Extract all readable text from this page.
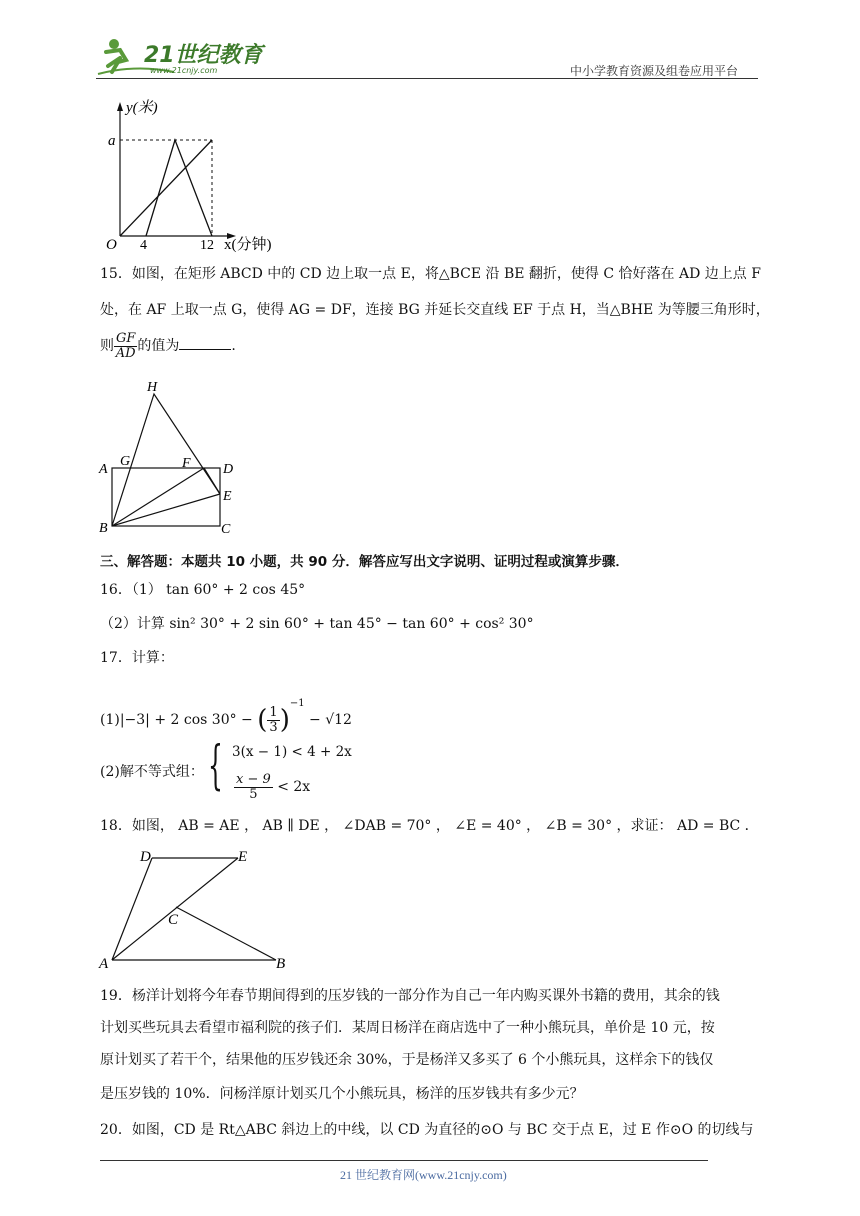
21世纪教育
www.21cnjy.com	中小学教育资源及组卷应用平台
y(米)
a
O 4	12 x(分钟)
15．如图，在矩形 ABCD 中的 CD 边上取一点 E，将△BCE 沿 BE 翻折，使得 C 恰好落在 AD 边上点 F
处，在 AF 上取一点 G，使得 AG = DF，连接 BG 并延长交直线 EF 于点 H，当△BHE 为等腰三角形时，
则 $\frac{GF}{AD}$ 的值为	.
H
A
G	F D
E
B	C
三、解答题：本题共 10 小题，共 90 分．解答应写出文字说明、证明过程或演算步骤．
16．（1） tan 60° + 2 cos 45°
（2）计算 sin² 30° + 2 sin 60° + tan 45° − tan 60° + cos² 30°
17．计算：
(1)|−3| + 2 cos 30° − ( $\frac{1}{3} )^{-1} - √12$
(2)解不等式组： { 3(x − 1) < 4 + 2x
$\frac{x - 9}{5} < 2x$
18．如图， AB = AE ， AB ∥ DE ， ∠DAB = 70° ， ∠E = 40° ， ∠B = 30° ，求证： AD = BC ．
D	E
C
A	B
19．杨洋计划将今年春节期间得到的压岁钱的一部分作为自己一年内购买课外书籍的费用，其余的钱
计划买些玩具去看望市福利院的孩子们．某周日杨洋在商店选中了一种小熊玩具，单价是 10 元，按
原计划买了若干个，结果他的压岁钱还余 30%，于是杨洋又多买了 6 个小熊玩具，这样余下的钱仅
是压岁钱的 10%．问杨洋原计划买几个小熊玩具，杨洋的压岁钱共有多少元？
20．如图，CD 是 Rt△ABC 斜边上的中线，以 CD 为直径的⊙O 与 BC 交于点 E，过 E 作⊙O 的切线与
21 世纪教育网(www.21cnjy.com)
